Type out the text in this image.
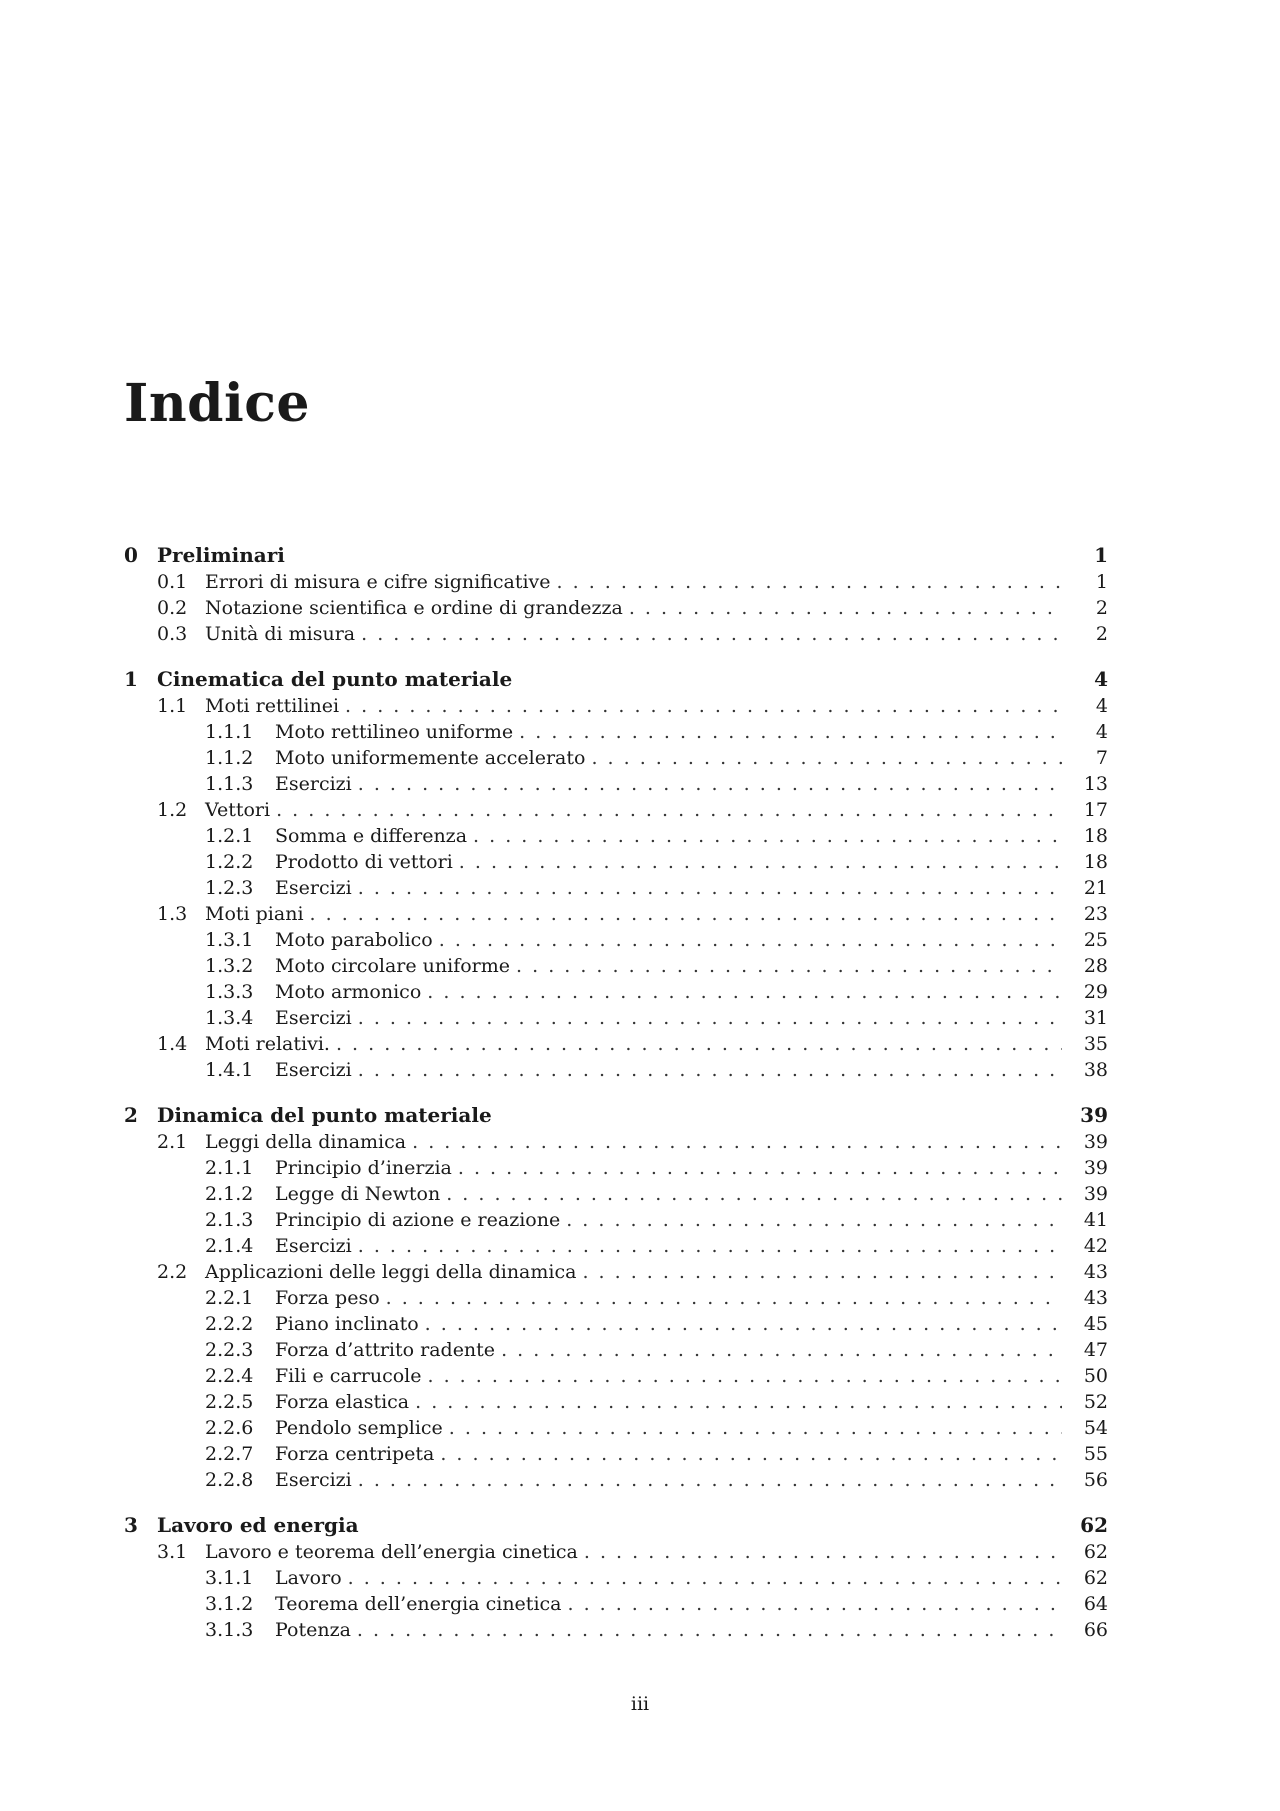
Indice
0 Preliminari	1
0.1 Errori di misura e cifre significative . . .	1
0.2 Notazione scientifica e ordine di grandezza . . .	2
0.3 Unità di misura . . .	2
1 Cinematica del punto materiale	4
1.1 Moti rettilinei . . .	4
1.1.1	Moto rettilineo uniforme . . .	4
1.1.2	Moto uniformemente accelerato . . .	7
1.1.3	Esercizi . . .	13
1.2 Vettori . . .	17
1.2.1	Somma e differenza . . .	18
1.2.2	Prodotto di vettori . . .	18
1.2.3	Esercizi . . .	21
1.3 Moti piani . . .	23
1.3.1	Moto parabolico . . .	25
1.3.2	Moto circolare uniforme . . .	28
1.3.3	Moto armonico . . .	29
1.3.4	Esercizi . . .	31
1.4 Moti relativi. . . .	35
1.4.1	Esercizi . . .	38
2 Dinamica del punto materiale	39
2.1 Leggi della dinamica . . .	39
2.1.1	Principio d’inerzia . . .	39
2.1.2	Legge di Newton . . .	39
2.1.3	Principio di azione e reazione . . .	41
2.1.4	Esercizi . . .	42
2.2 Applicazioni delle leggi della dinamica . . .	43
2.2.1	Forza peso . . .	43
2.2.2	Piano inclinato . . .	45
2.2.3	Forza d’attrito radente . . .	47
2.2.4	Fili e carrucole . . .	50
2.2.5	Forza elastica . . .	52
2.2.6	Pendolo semplice . . .	54
2.2.7	Forza centripeta . . .	55
2.2.8	Esercizi . . .	56
3 Lavoro ed energia	62
3.1 Lavoro e teorema dell’energia cinetica . . .	62
3.1.1	Lavoro . . .	62
3.1.2	Teorema dell’energia cinetica . . .	64
3.1.3	Potenza . . .	66
iii
